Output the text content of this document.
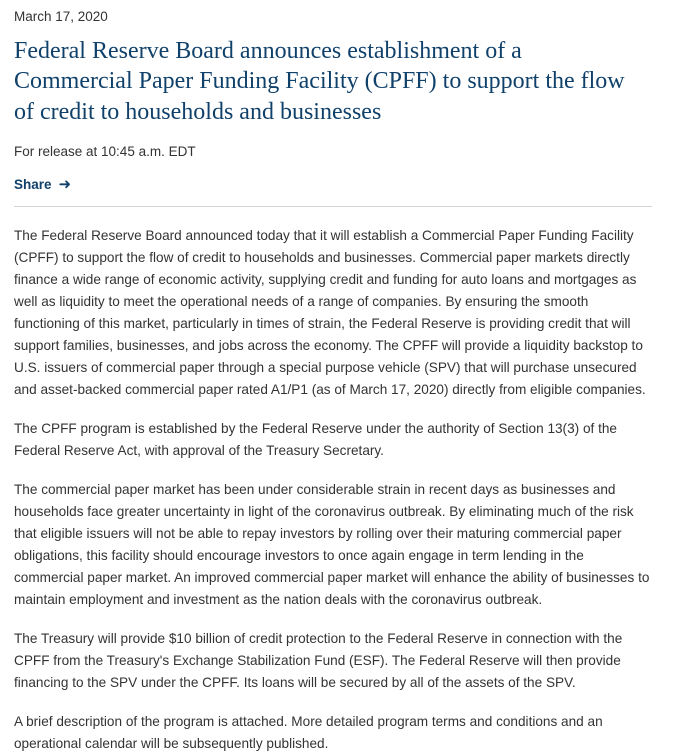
March 17, 2020
Federal Reserve Board announces establishment of a Commercial Paper Funding Facility (CPFF) to support the flow of credit to households and businesses
For release at 10:45 a.m. EDT
Share ➜

The Federal Reserve Board announced today that it will establish a Commercial Paper Funding Facility (CPFF) to support the flow of credit to households and businesses. Commercial paper markets directly finance a wide range of economic activity, supplying credit and funding for auto loans and mortgages as well as liquidity to meet the operational needs of a range of companies. By ensuring the smooth functioning of this market, particularly in times of strain, the Federal Reserve is providing credit that will support families, businesses, and jobs across the economy. The CPFF will provide a liquidity backstop to U.S. issuers of commercial paper through a special purpose vehicle (SPV) that will purchase unsecured and asset-backed commercial paper rated A1/P1 (as of March 17, 2020) directly from eligible companies.

The CPFF program is established by the Federal Reserve under the authority of Section 13(3) of the Federal Reserve Act, with approval of the Treasury Secretary.

The commercial paper market has been under considerable strain in recent days as businesses and households face greater uncertainty in light of the coronavirus outbreak. By eliminating much of the risk that eligible issuers will not be able to repay investors by rolling over their maturing commercial paper obligations, this facility should encourage investors to once again engage in term lending in the commercial paper market. An improved commercial paper market will enhance the ability of businesses to maintain employment and investment as the nation deals with the coronavirus outbreak.

The Treasury will provide $10 billion of credit protection to the Federal Reserve in connection with the CPFF from the Treasury's Exchange Stabilization Fund (ESF). The Federal Reserve will then provide financing to the SPV under the CPFF. Its loans will be secured by all of the assets of the SPV.

A brief description of the program is attached. More detailed program terms and conditions and an operational calendar will be subsequently published.
